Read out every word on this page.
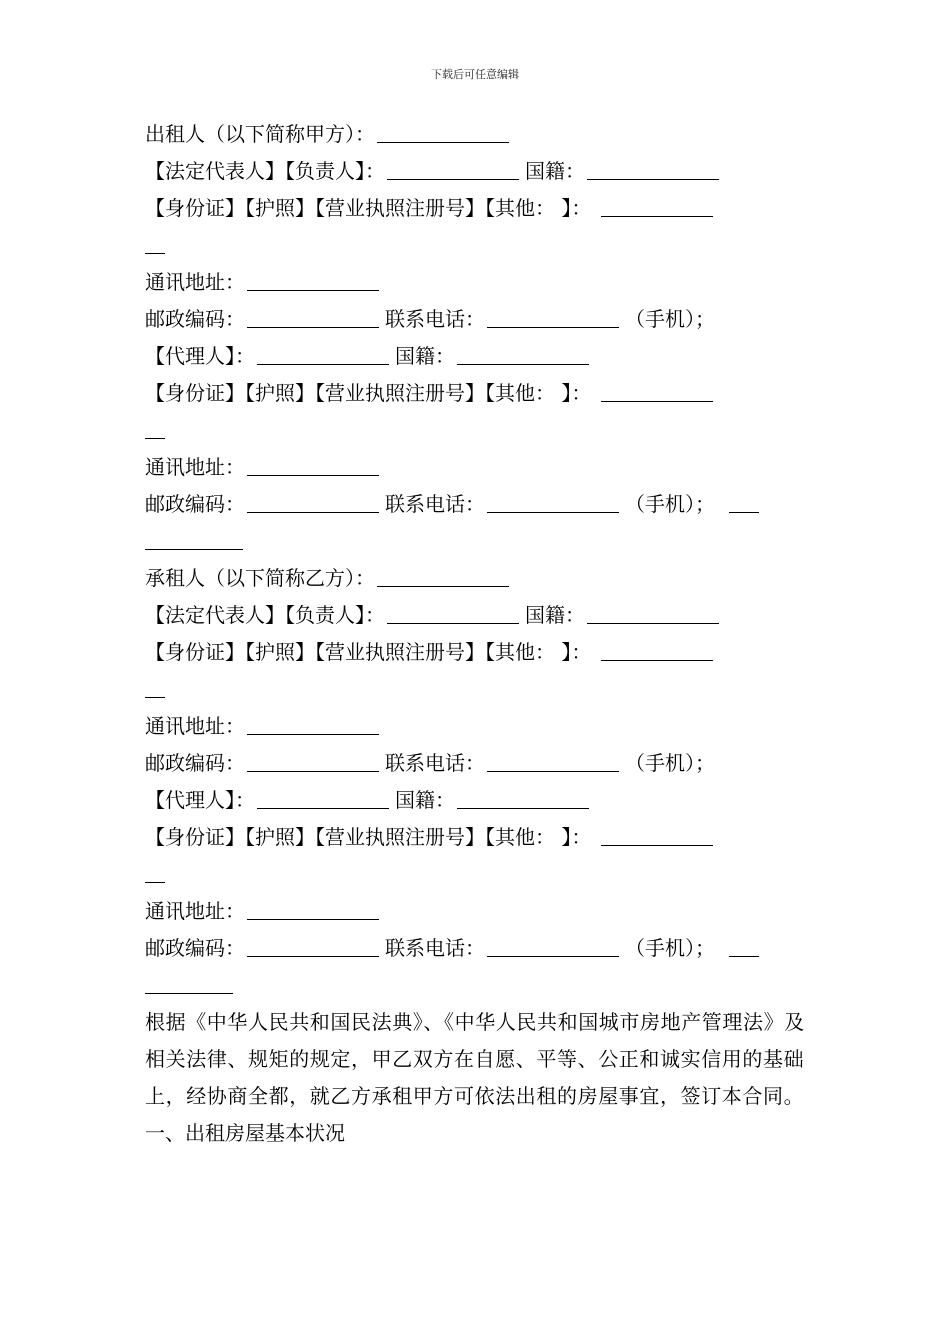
下载后可任意编辑
出租人（以下简称甲方）：
【法定代表人】【负责人】：	国籍：
【身份证】【护照】【营业执照注册号】【其他： 】：
通讯地址：
邮政编码：	联系电话：	（手机）；
【代理人】：	国籍：
【身份证】【护照】【营业执照注册号】【其他： 】：
通讯地址：
邮政编码：	联系电话：	（手机）；
承租人（以下简称乙方）：
【法定代表人】【负责人】：	国籍：
【身份证】【护照】【营业执照注册号】【其他： 】：
通讯地址：
邮政编码：	联系电话：	（手机）；
【代理人】：	国籍：
【身份证】【护照】【营业执照注册号】【其他： 】：
通讯地址：
邮政编码：	联系电话：	（手机）；
根据《中华人民共和国民法典》、《中华人民共和国城市房地产管理法》及相关法律、规矩的规定，甲乙双方在自愿、平等、公正和诚实信用的基础上，经协商全都，就乙方承租甲方可依法出租的房屋事宜，签订本合同。
一、出租房屋基本状况
